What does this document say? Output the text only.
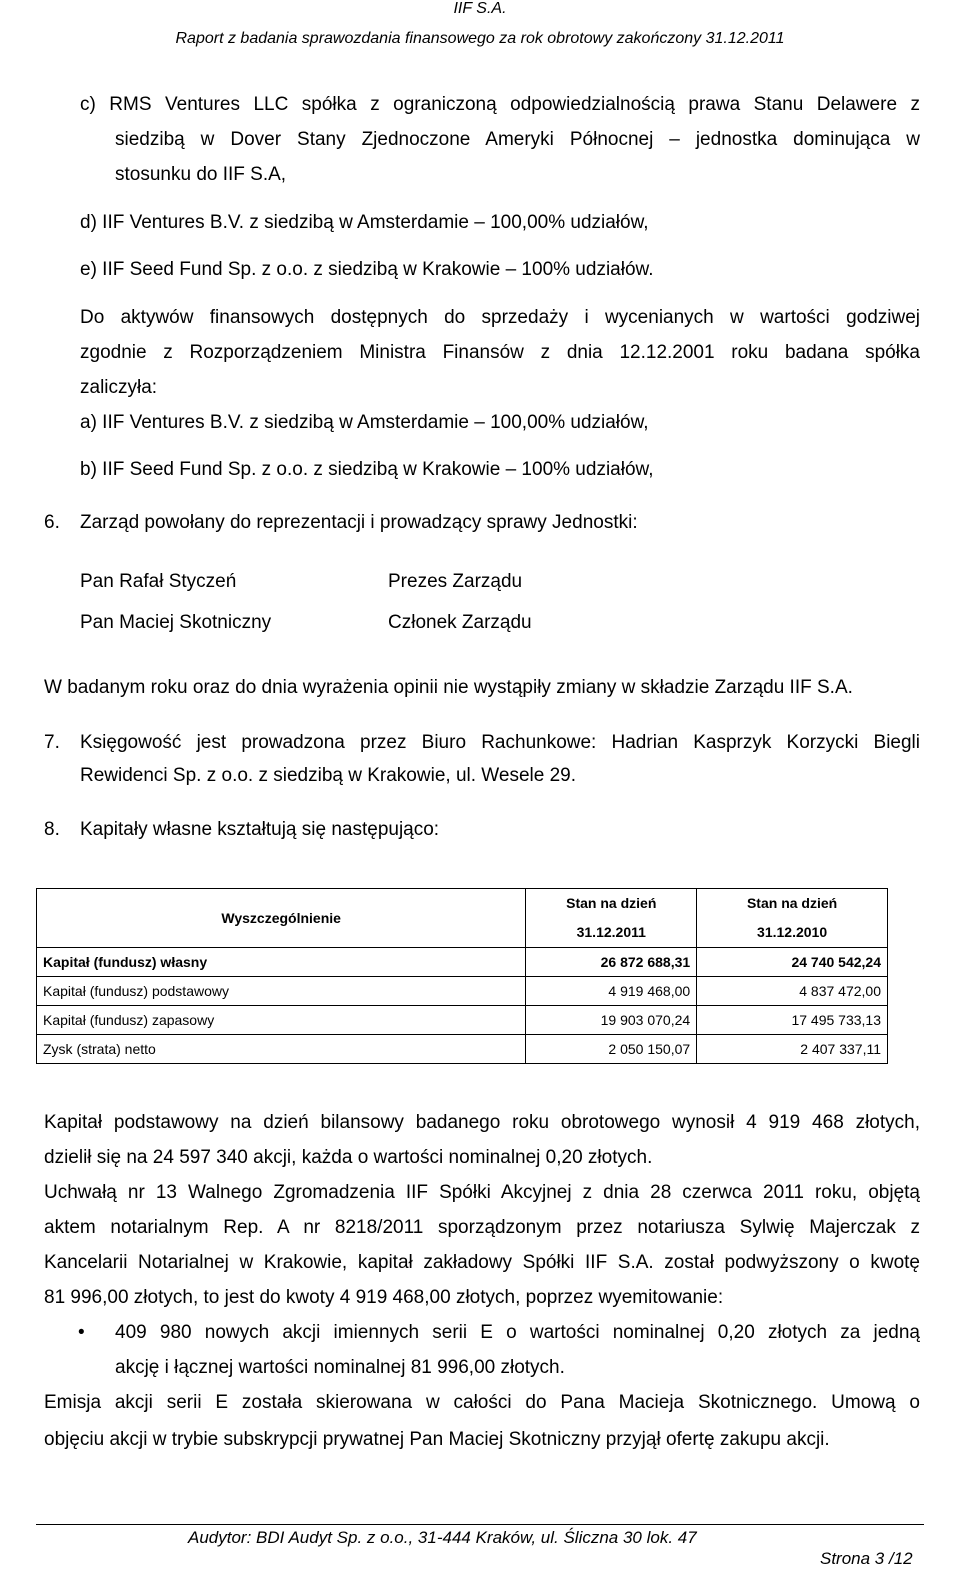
IIF S.A.
Raport z badania sprawozdania finansowego za rok obrotowy zakończony 31.12.2011
c) RMS Ventures LLC spółka z ograniczoną odpowiedzialnością prawa Stanu Delawere z
siedzibą w Dover Stany Zjednoczone Ameryki Północnej – jednostka dominująca w
stosunku do IIF S.A,
d) IIF Ventures B.V. z siedzibą w Amsterdamie – 100,00% udziałów,
e) IIF Seed Fund Sp. z o.o. z siedzibą w Krakowie – 100% udziałów.
Do aktywów finansowych dostępnych do sprzedaży i wycenianych w wartości godziwej
zgodnie z Rozporządzeniem Ministra Finansów z dnia 12.12.2001 roku badana spółka
zaliczyła:
a) IIF Ventures B.V. z siedzibą w Amsterdamie – 100,00% udziałów,
b) IIF Seed Fund Sp. z o.o. z siedzibą w Krakowie – 100% udziałów,
6. Zarząd powołany do reprezentacji i prowadzący sprawy Jednostki:
Pan Rafał Styczeń	Prezes Zarządu
Pan Maciej Skotniczny	Członek Zarządu
W badanym roku oraz do dnia wyrażenia opinii nie wystąpiły zmiany w składzie Zarządu IIF S.A.
7. Księgowość jest prowadzona przez Biuro Rachunkowe: Hadrian Kasprzyk Korzycki Biegli
Rewidenci Sp. z o.o. z siedzibą w Krakowie, ul. Wesele 29.
8. Kapitały własne kształtują się następująco:
Wyszczególnienie	Stan na dzień	Stan na dzień
	31.12.2011	31.12.2010
Kapitał (fundusz) własny	26 872 688,31	24 740 542,24
Kapitał (fundusz) podstawowy	4 919 468,00	4 837 472,00
Kapitał (fundusz) zapasowy	19 903 070,24	17 495 733,13
Zysk (strata) netto	2 050 150,07	2 407 337,11
Kapitał podstawowy na dzień bilansowy badanego roku obrotowego wynosił 4 919 468 złotych,
dzielił się na 24 597 340 akcji, każda o wartości nominalnej 0,20 złotych.
Uchwałą nr 13 Walnego Zgromadzenia IIF Spółki Akcyjnej z dnia 28 czerwca 2011 roku, objętą
aktem notarialnym Rep. A nr 8218/2011 sporządzonym przez notariusza Sylwię Majerczak z
Kancelarii Notarialnej w Krakowie, kapitał zakładowy Spółki IIF S.A. został podwyższony o kwotę
81 996,00 złotych, to jest do kwoty 4 919 468,00 złotych, poprzez wyemitowanie:
• 409 980 nowych akcji imiennych serii E o wartości nominalnej 0,20 złotych za jedną
akcję i łącznej wartości nominalnej 81 996,00 złotych.
Emisja akcji serii E została skierowana w całości do Pana Macieja Skotnicznego. Umową o
objęciu akcji w trybie subskrypcji prywatnej Pan Maciej Skotniczny przyjął ofertę zakupu akcji.
Audytor: BDI Audyt Sp. z o.o., 31-444 Kraków, ul. Śliczna 30 lok. 47
Strona 3 /12
